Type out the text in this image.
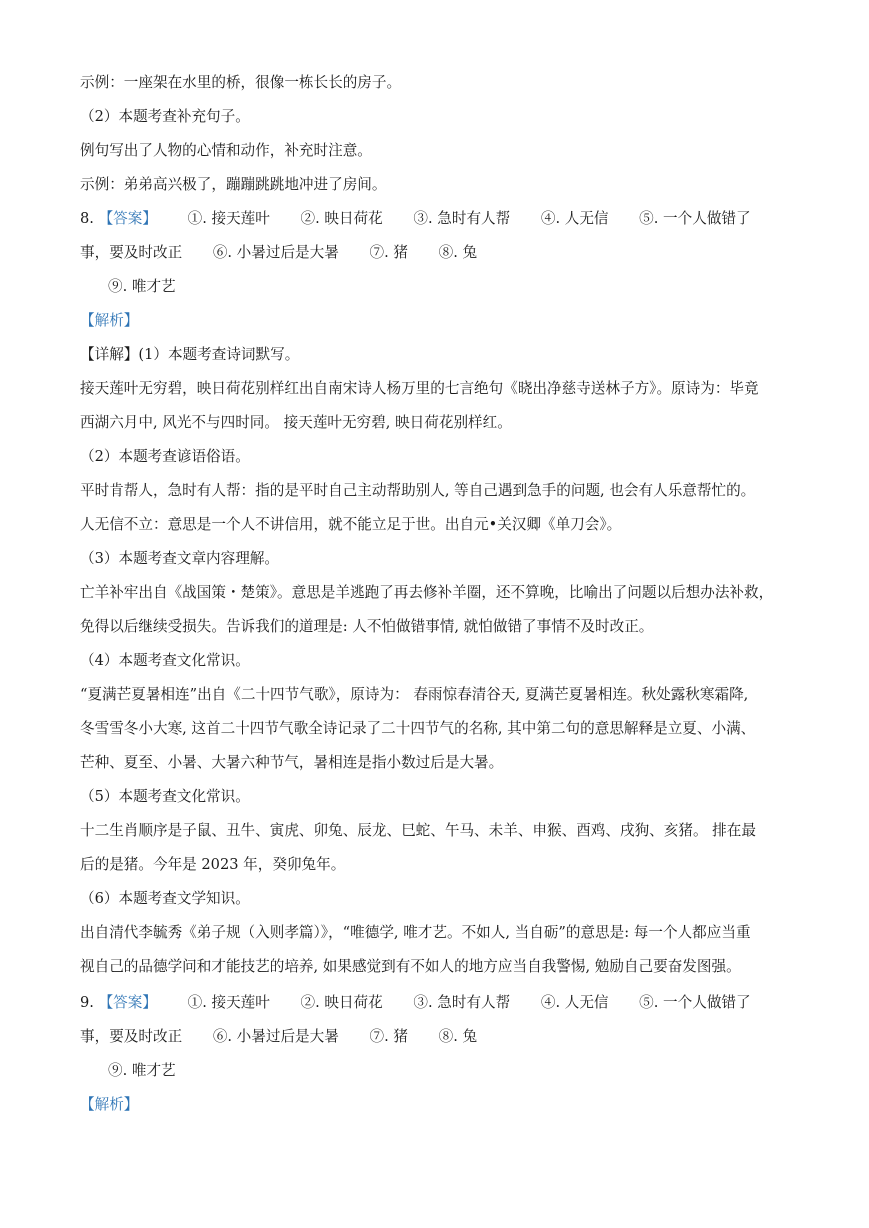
示例：一座架在水里的桥，很像一栋长长的房子。
（2）本题考查补充句子。
例句写出了人物的心情和动作，补充时注意。
示例：弟弟高兴极了，蹦蹦跳跳地冲进了房间。
8. 【答案】 ①. 接天莲叶 ②. 映日荷花 ③. 急时有人帮 ④. 人无信 ⑤. 一个人做错了
事，要及时改正 ⑥. 小暑过后是大暑 ⑦. 猪 ⑧. 兔
⑨. 唯才艺
【解析】
【详解】(1）本题考查诗词默写。
接天莲叶无穷碧，映日荷花别样红出自南宋诗人杨万里的七言绝句《晓出净慈寺送林子方》。原诗为：毕竟
西湖六月中, 风光不与四时同。 接天莲叶无穷碧, 映日荷花别样红。
（2）本题考查谚语俗语。
平时肯帮人，急时有人帮：指的是平时自己主动帮助别人, 等自己遇到急手的问题, 也会有人乐意帮忙的。
人无信不立：意思是一个人不讲信用，就不能立足于世。出自元•关汉卿《单刀会》。
（3）本题考查文章内容理解。
亡羊补牢出自《战国策・楚策》。意思是羊逃跑了再去修补羊圈，还不算晚，比喻出了问题以后想办法补救，
免得以后继续受损失。告诉我们的道理是: 人不怕做错事情, 就怕做错了事情不及时改正。
（4）本题考查文化常识。
“夏满芒夏暑相连”出自《二十四节气歌》，原诗为： 春雨惊春清谷天, 夏满芒夏暑相连。秋处露秋寒霜降,
冬雪雪冬小大寒, 这首二十四节气歌全诗记录了二十四节气的名称, 其中第二句的意思解释是立夏、小满、
芒种、夏至、小暑、大暑六种节气，暑相连是指小数过后是大暑。
（5）本题考查文化常识。
十二生肖顺序是子鼠、丑牛、寅虎、卯兔、辰龙、巳蛇、午马、未羊、申猴、酉鸡、戌狗、亥猪。 排在最
后的是猪。今年是 2023 年，癸卯兔年。
（6）本题考查文学知识。
出自清代李毓秀《弟子规（入则孝篇）》，“唯德学, 唯才艺。不如人, 当自砺”的意思是: 每一个人都应当重
视自己的品德学问和才能技艺的培养, 如果感觉到有不如人的地方应当自我警惕, 勉励自己要奋发图强。
9. 【答案】 ①. 接天莲叶 ②. 映日荷花 ③. 急时有人帮 ④. 人无信 ⑤. 一个人做错了
事，要及时改正 ⑥. 小暑过后是大暑 ⑦. 猪 ⑧. 兔
⑨. 唯才艺
【解析】
